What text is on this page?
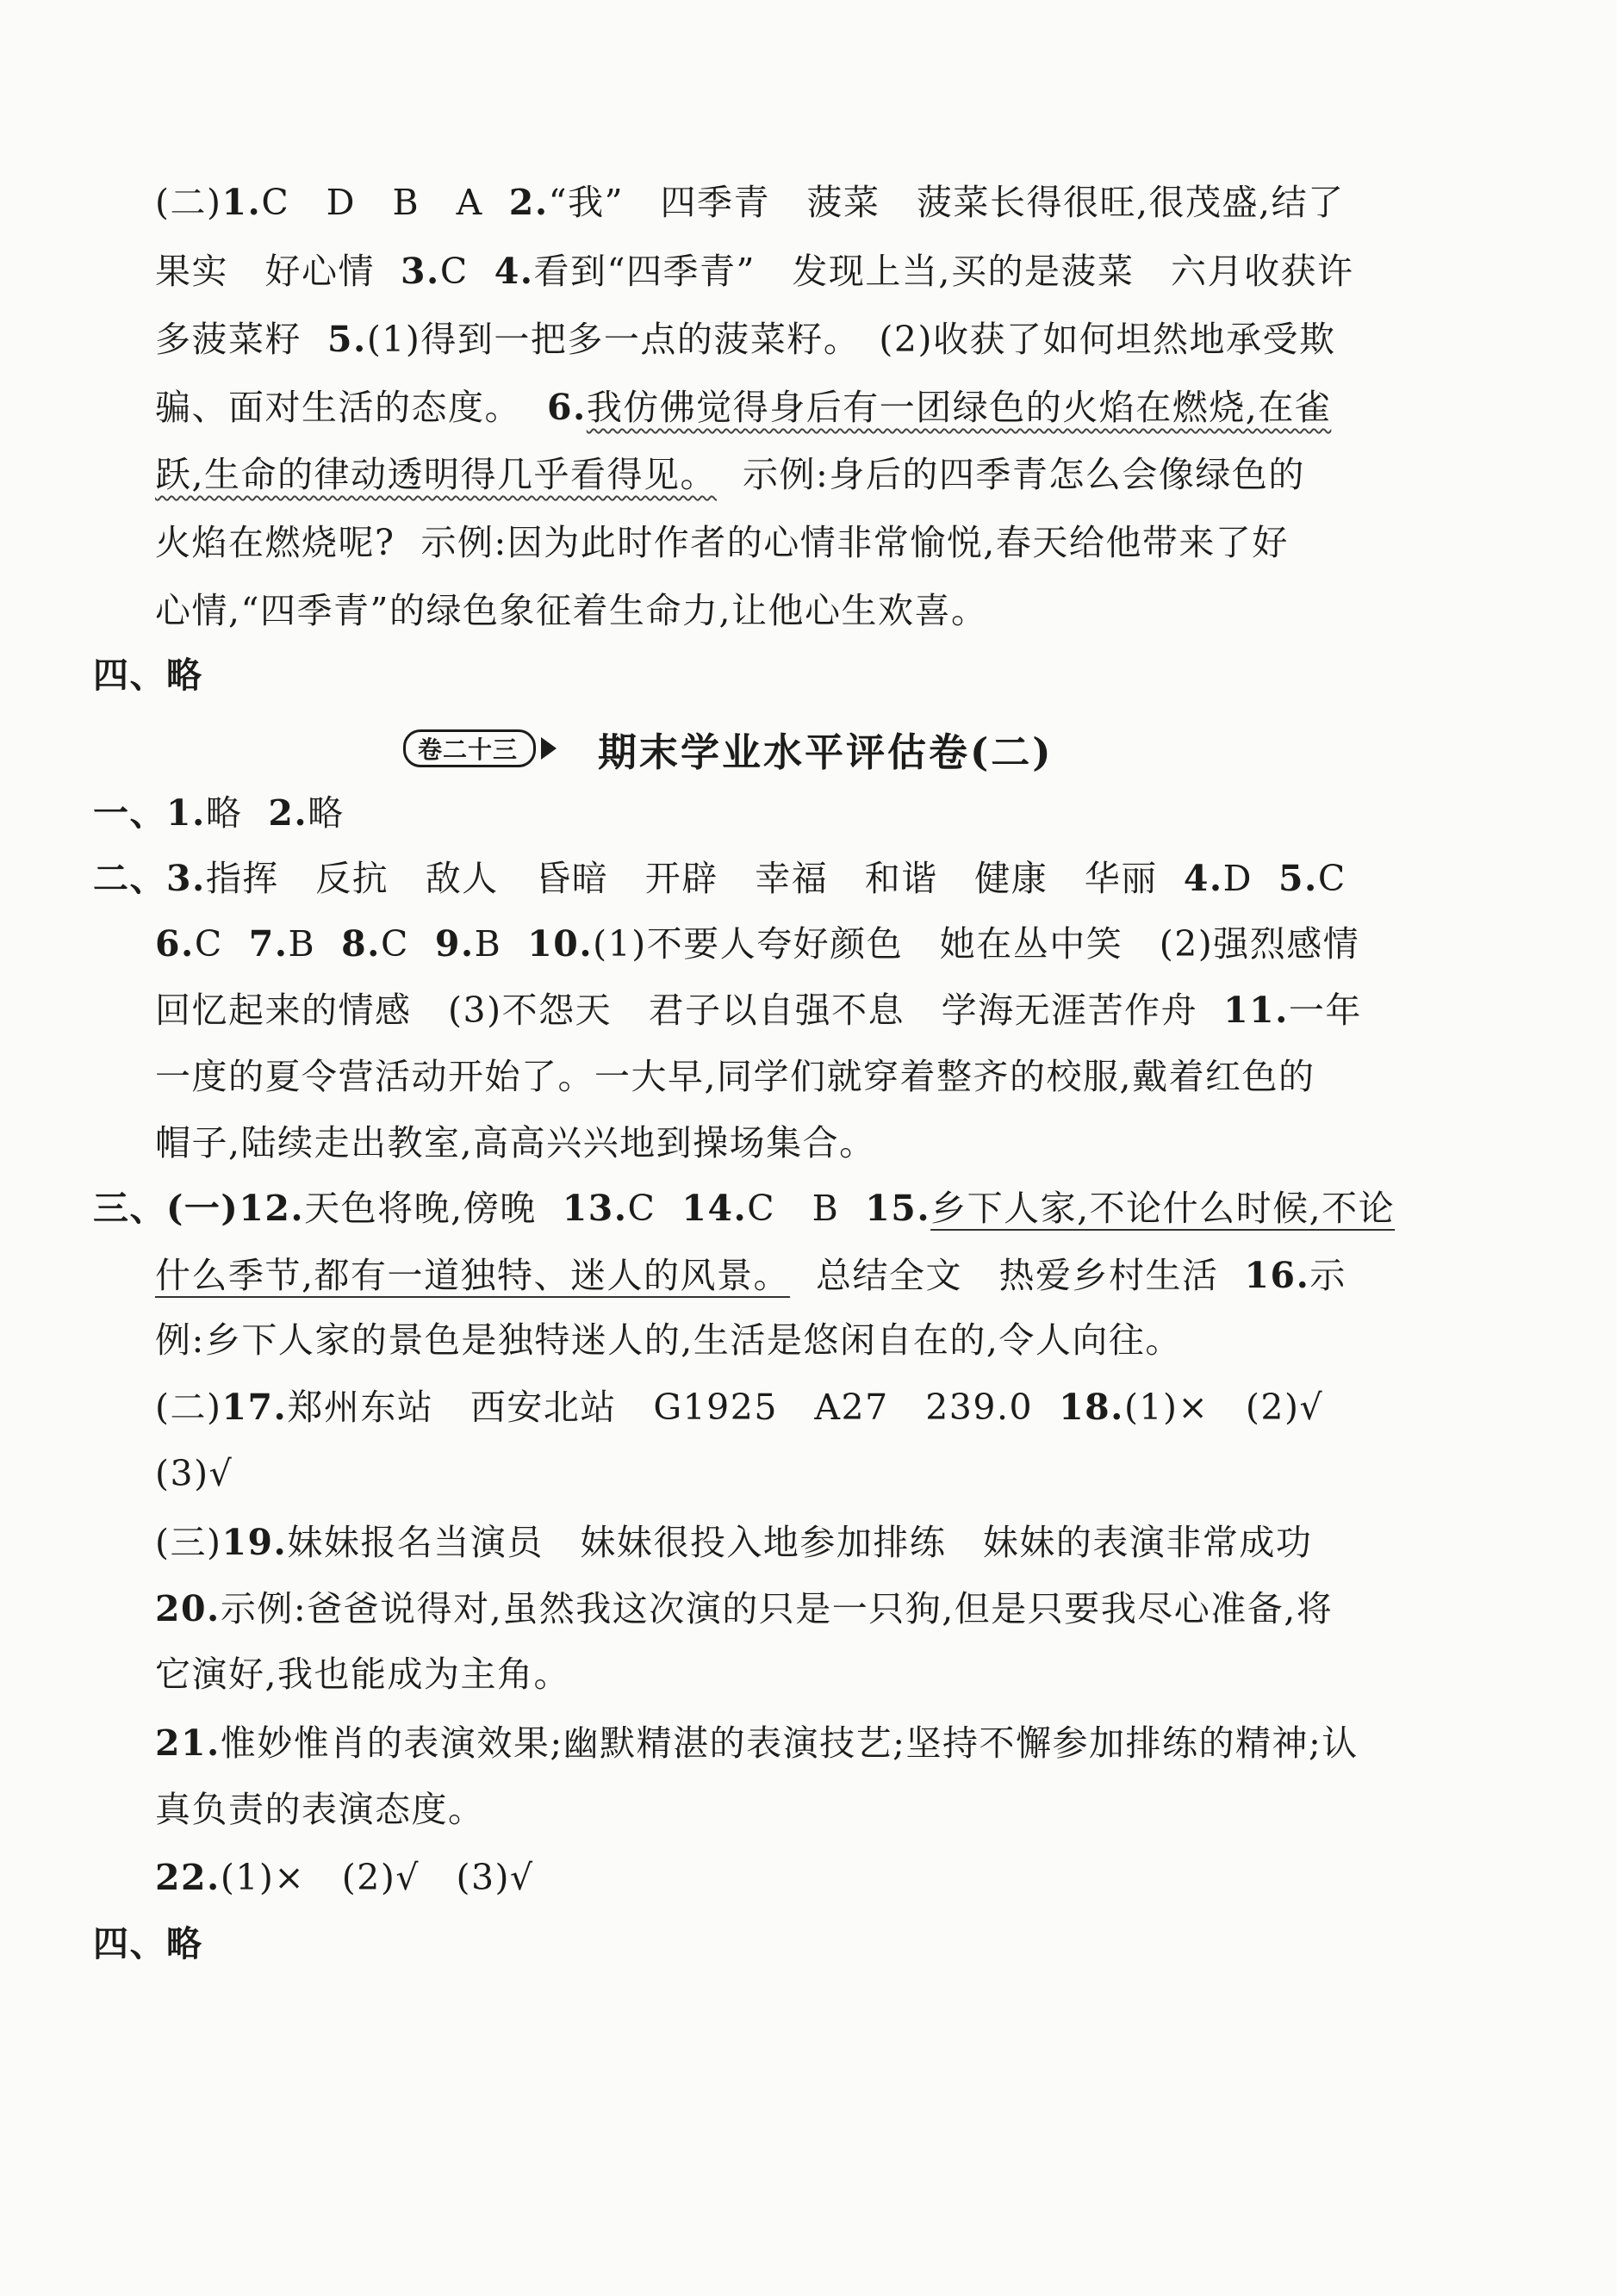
(二)1.C　D　B　A 2.“我”　四季青　菠菜　菠菜长得很旺,很茂盛,结了
果实　好心情 3.C 4.看到“四季青”　发现上当,买的是菠菜　六月收获许
多菠菜籽 5.(1)得到一把多一点的菠菜籽。　(2)收获了如何坦然地承受欺
骗、面对生活的态度。 6.我仿佛觉得身后有一团绿色的火焰在燃烧,在雀
跃,生命的律动透明得几乎看得见。 示例:身后的四季青怎么会像绿色的
火焰在燃烧呢? 示例:因为此时作者的心情非常愉悦,春天给他带来了好
心情,“四季青”的绿色象征着生命力,让他心生欢喜。
四、略
卷二十三	期末学业水平评估卷(二)
一、1.略 2.略
二、3.指挥　反抗　敌人　昏暗　开辟　幸福　和谐　健康　华丽 4.D 5.C
6.C 7.B 8.C 9.B 10.(1)不要人夸好颜色　她在丛中笑　(2)强烈感情
回忆起来的情感　(3)不怨天　君子以自强不息　学海无涯苦作舟 11.一年
一度的夏令营活动开始了。一大早,同学们就穿着整齐的校服,戴着红色的
帽子,陆续走出教室,高高兴兴地到操场集合。
三、(一)12.天色将晚,傍晚 13.C 14.C　B 15.乡下人家,不论什么时候,不论
什么季节,都有一道独特、迷人的风景。 总结全文　热爱乡村生活 16.示
例:乡下人家的景色是独特迷人的,生活是悠闲自在的,令人向往。
(二)17.郑州东站　西安北站　G1925　A27　239.0 18.(1)×　(2)√
(3)√
(三)19.妹妹报名当演员　妹妹很投入地参加排练　妹妹的表演非常成功
20.示例:爸爸说得对,虽然我这次演的只是一只狗,但是只要我尽心准备,将
它演好,我也能成为主角。
21.惟妙惟肖的表演效果;幽默精湛的表演技艺;坚持不懈参加排练的精神;认
真负责的表演态度。
22.(1)×　(2)√　(3)√
四、略
